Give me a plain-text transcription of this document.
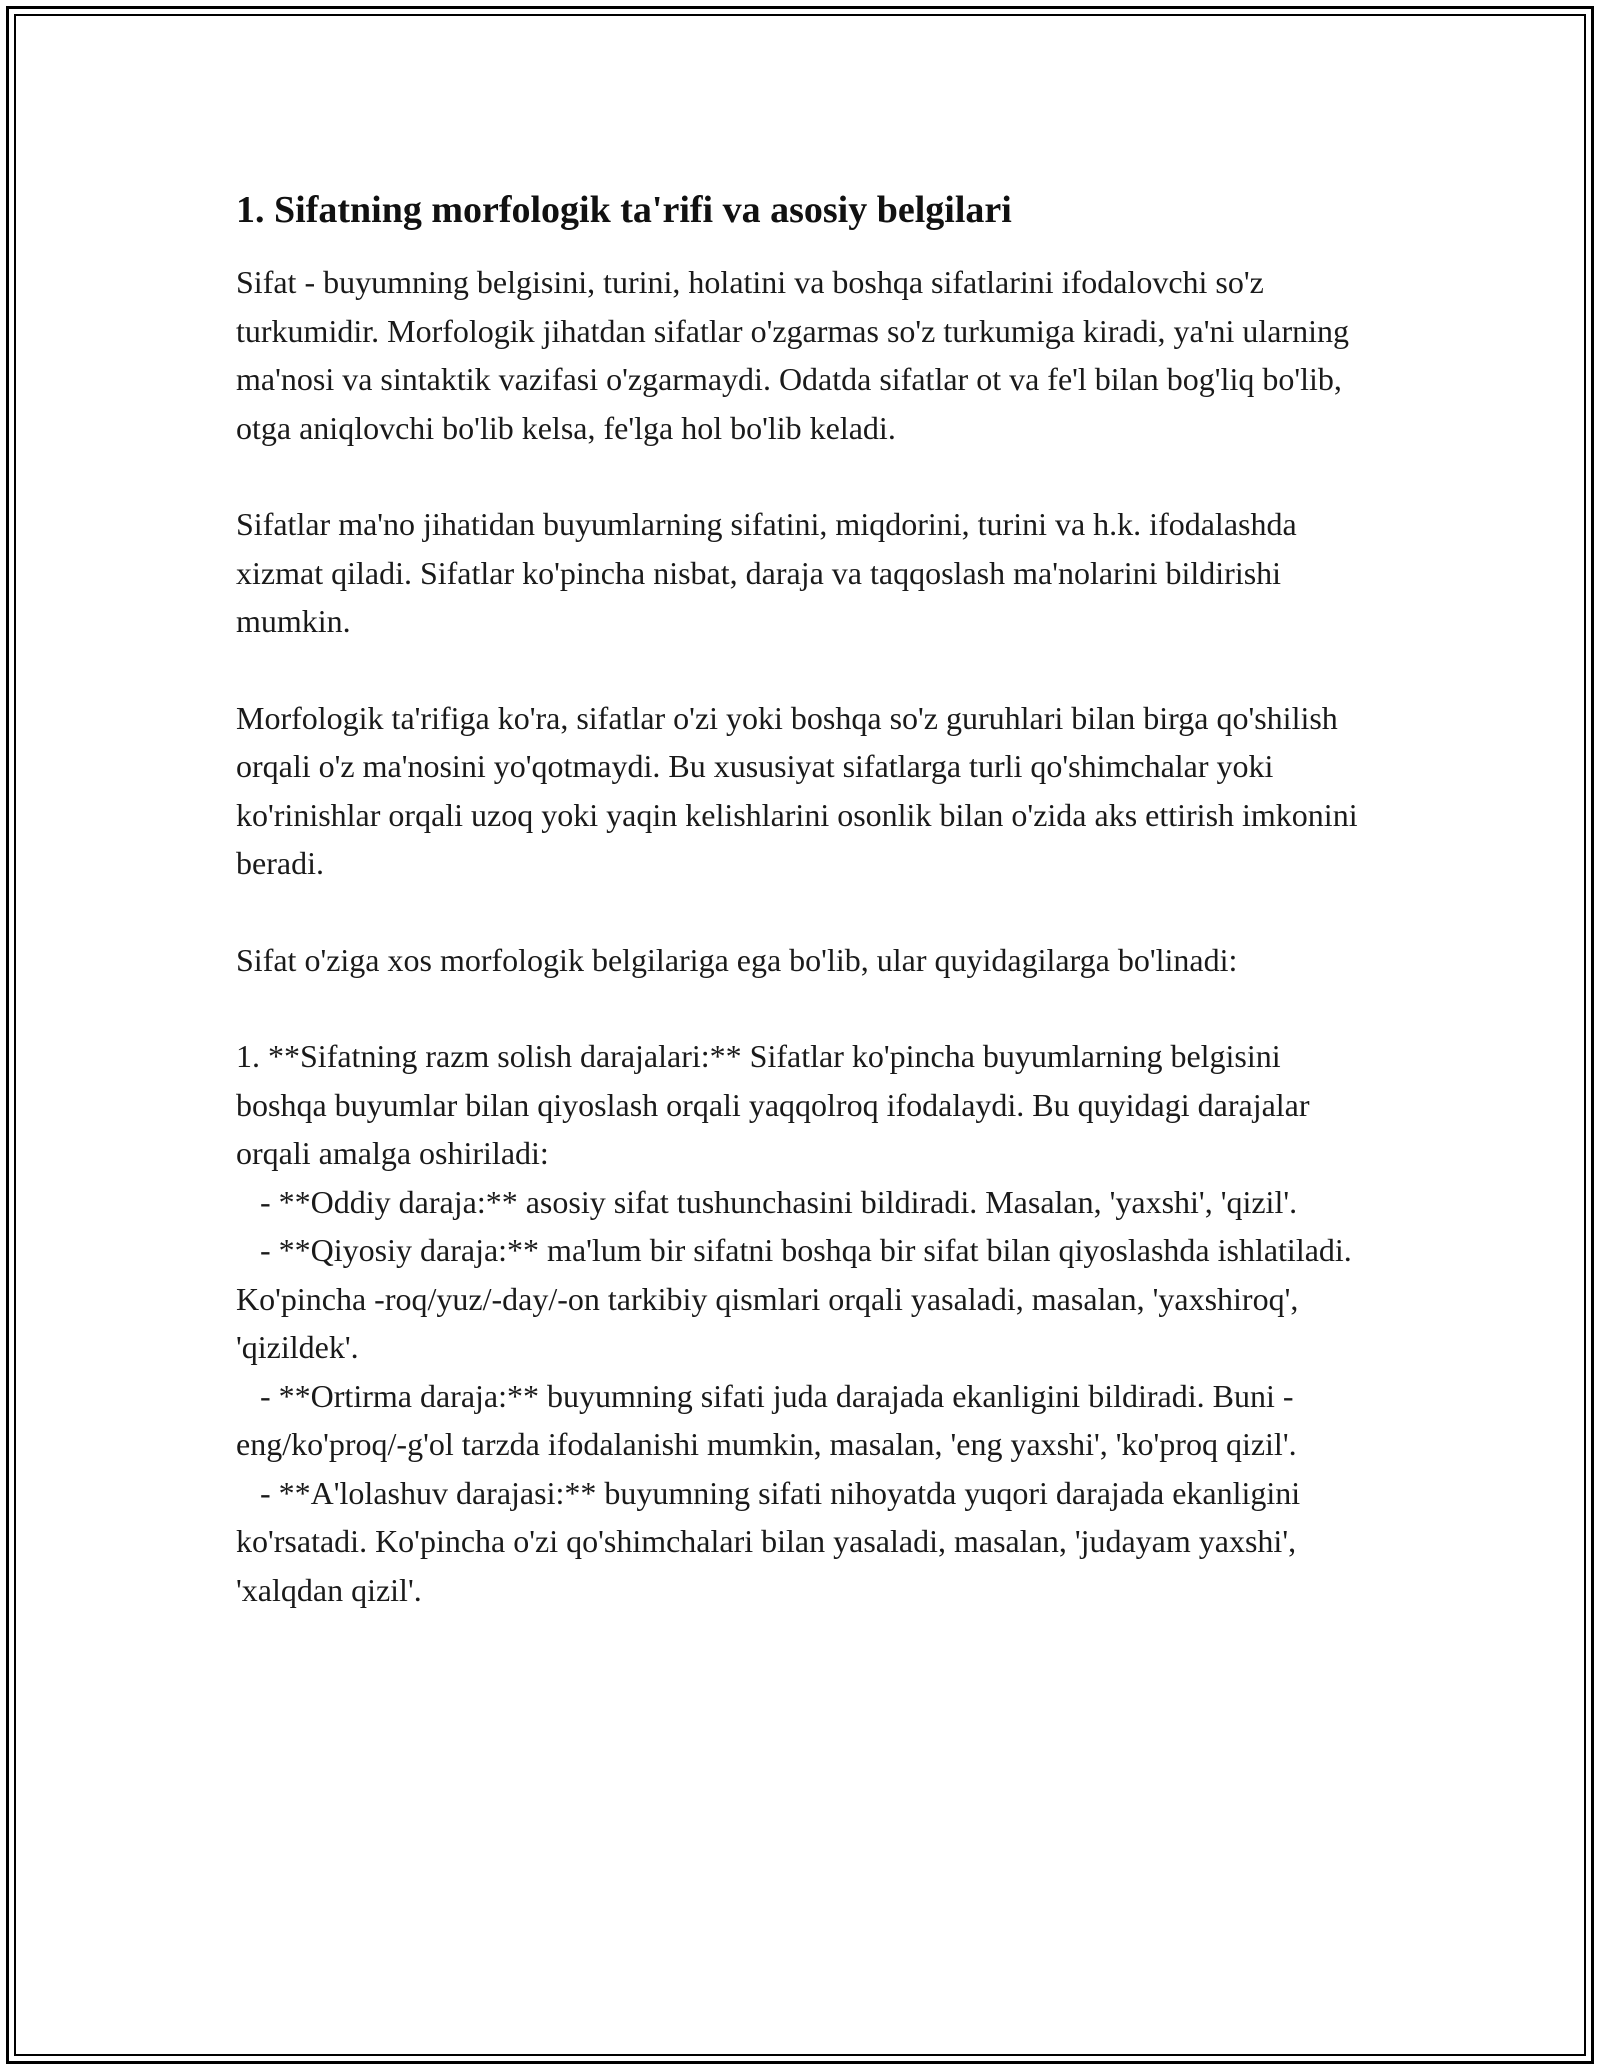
1. Sifatning morfologik ta'rifi va asosiy belgilari

Sifat - buyumning belgisini, turini, holatini va boshqa sifatlarini ifodalovchi so'z turkumidir. Morfologik jihatdan sifatlar o'zgarmas so'z turkumiga kiradi, ya'ni ularning ma'nosi va sintaktik vazifasi o'zgarmaydi. Odatda sifatlar ot va fe'l bilan bog'liq bo'lib, otga aniqlovchi bo'lib kelsa, fe'lga hol bo'lib keladi.

Sifatlar ma'no jihatidan buyumlarning sifatini, miqdorini, turini va h.k. ifodalashda xizmat qiladi. Sifatlar ko'pincha nisbat, daraja va taqqoslash ma'nolarini bildirishi mumkin.

Morfologik ta'rifiga ko'ra, sifatlar o'zi yoki boshqa so'z guruhlari bilan birga qo'shilish orqali o'z ma'nosini yo'qotmaydi. Bu xususiyat sifatlarga turli qo'shimchalar yoki ko'rinishlar orqali uzoq yoki yaqin kelishlarini osonlik bilan o'zida aks ettirish imkonini beradi.

Sifat o'ziga xos morfologik belgilariga ega bo'lib, ular quyidagilarga bo'linadi:

1. **Sifatning razm solish darajalari:** Sifatlar ko'pincha buyumlarning belgisini boshqa buyumlar bilan qiyoslash orqali yaqqolroq ifodalaydi. Bu quyidagi darajalar orqali amalga oshiriladi:
- **Oddiy daraja:** asosiy sifat tushunchasini bildiradi. Masalan, 'yaxshi', 'qizil'.
- **Qiyosiy daraja:** ma'lum bir sifatni boshqa bir sifat bilan qiyoslashda ishlatiladi. Ko'pincha -roq/yuz/-day/-on tarkibiy qismlari orqali yasaladi, masalan, 'yaxshiroq', 'qizildek'.
- **Ortirma daraja:** buyumning sifati juda darajada ekanligini bildiradi. Buni -eng/ko'proq/-g'ol tarzda ifodalanishi mumkin, masalan, 'eng yaxshi', 'ko'proq qizil'.
- **A'lolashuv darajasi:** buyumning sifati nihoyatda yuqori darajada ekanligini ko'rsatadi. Ko'pincha o'zi qo'shimchalari bilan yasaladi, masalan, 'judayam yaxshi', 'xalqdan qizil'.
